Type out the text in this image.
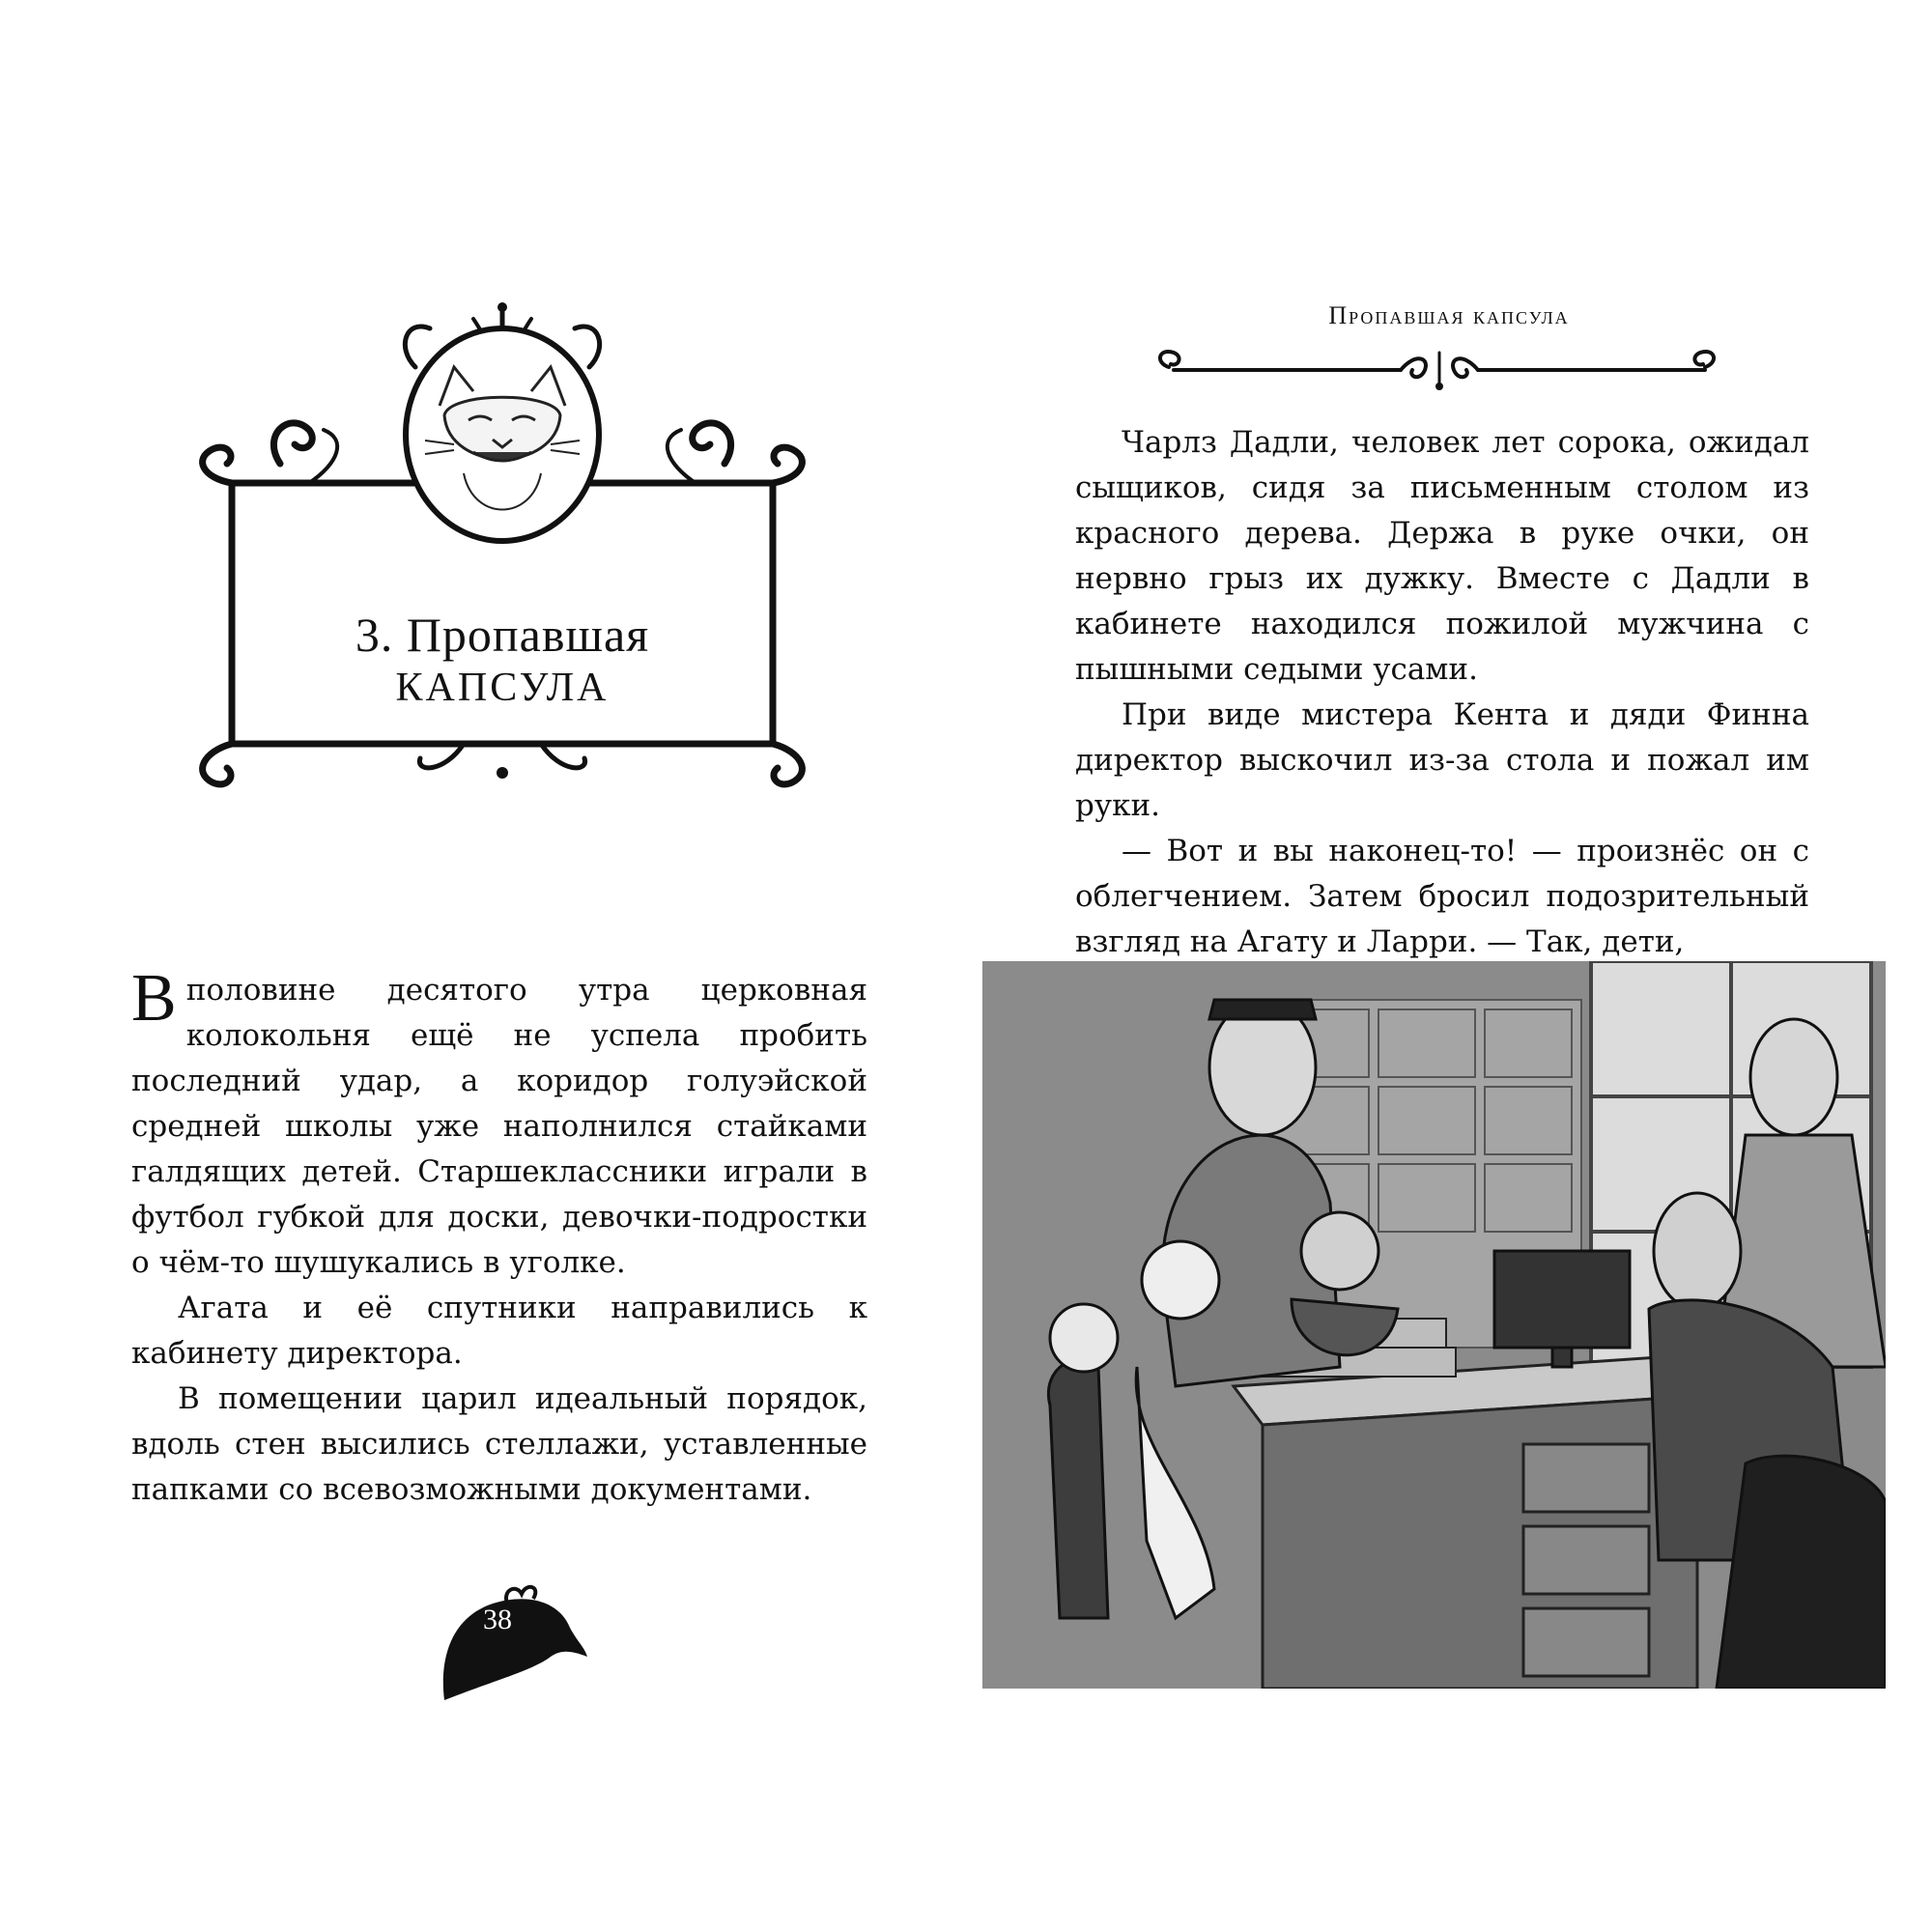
3. Пропавшая
КАПСУЛА
Пропавшая капсула

В половине десятого утра церковная колокольня ещё не успела пробить последний удар, а коридор голуэйской средней школы уже наполнился стайками галдящих детей. Старшеклассники играли в футбол губкой для доски, девочки-подростки о чём-то шушукались в уголке.

Агата и её спутники направились к кабинету директора.

В помещении царил идеальный порядок, вдоль стен высились стеллажи, уставленные папками со всевозможными документами.

38

Чарлз Дадли, человек лет сорока, ожидал сыщиков, сидя за письменным столом из красного дерева. Держа в руке очки, он нервно грыз их дужку. Вместе с Дадли в кабинете находился пожилой мужчина с пышными седыми усами.

При виде мистера Кента и дяди Финна директор выскочил из-за стола и пожал им руки.

— Вот и вы наконец-то! — произнёс он с облегчением. Затем бросил подозрительный взгляд на Агату и Ларри. — Так, дети,
